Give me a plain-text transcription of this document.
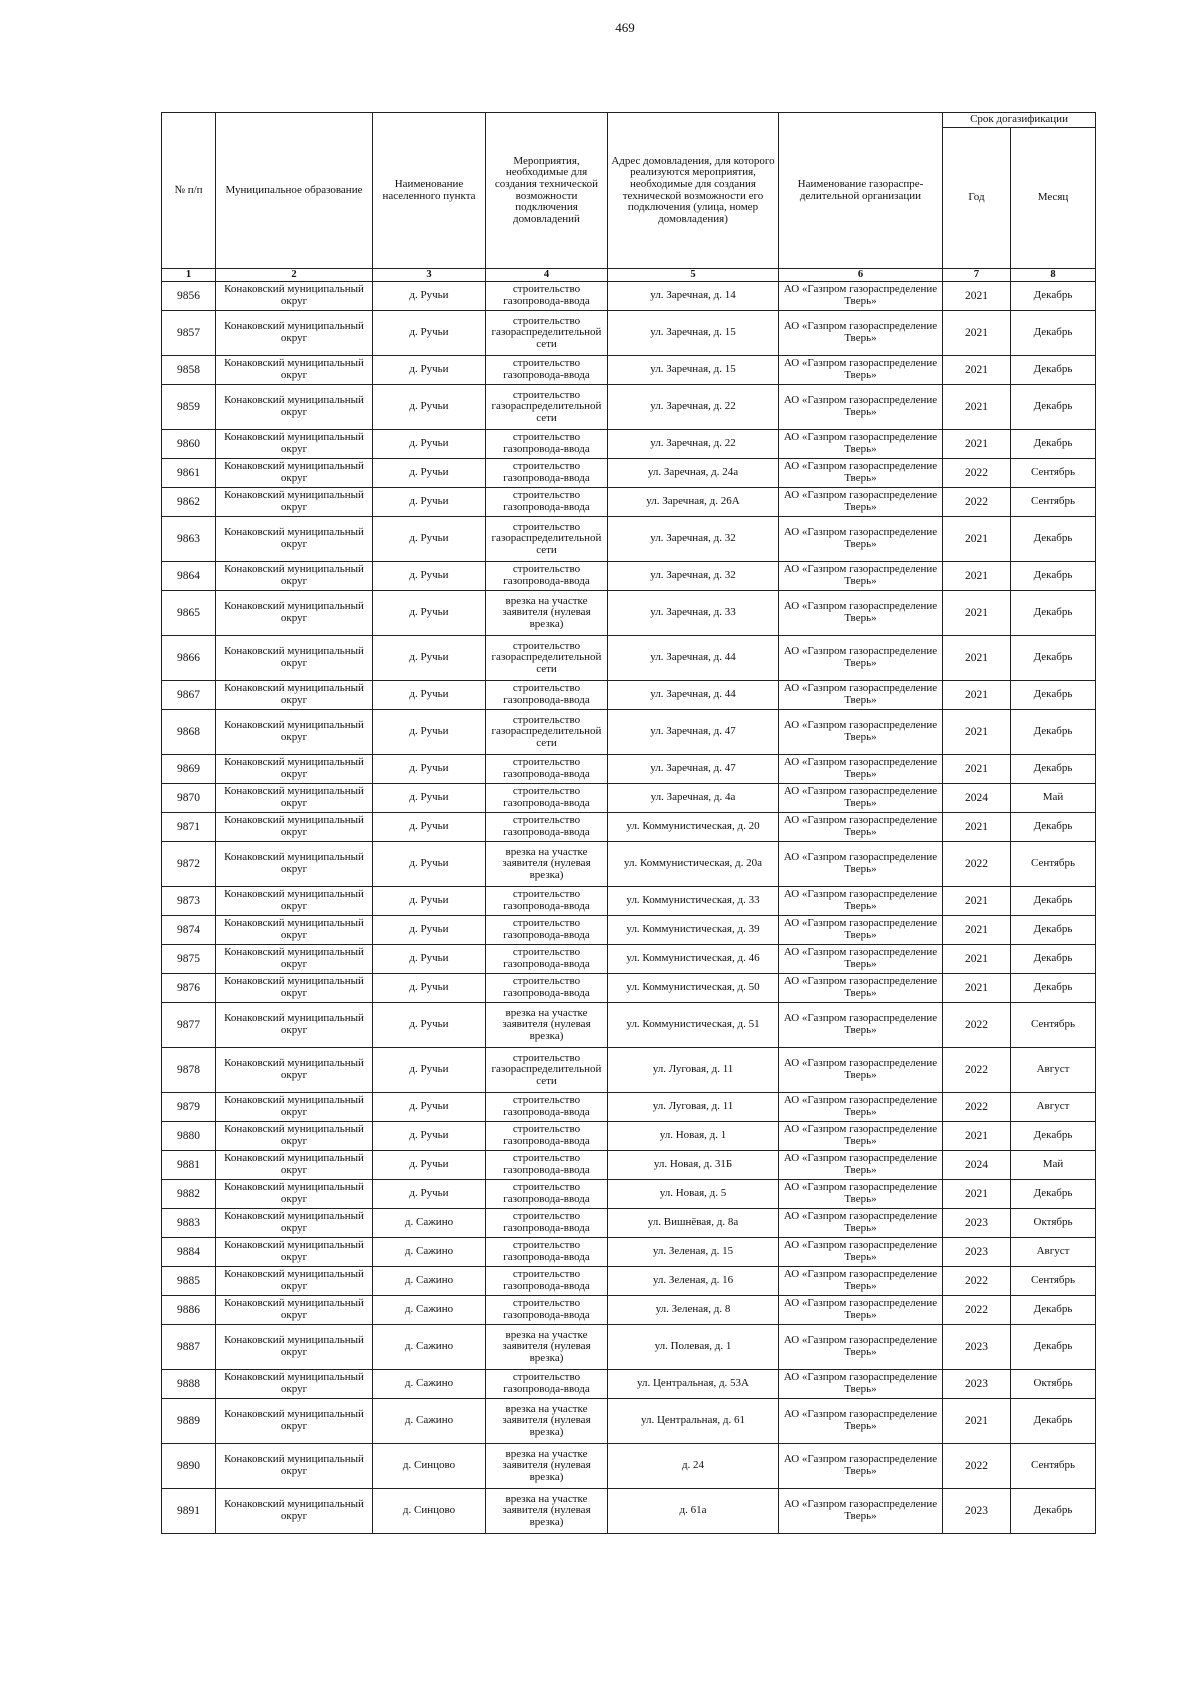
469
№ п/п	Муниципальное образование	Наименование населенного пункта	Мероприятия, необходимые для создания технической возможности подключения домовладений	Адрес домовладения, для которого реализуются мероприятия, необходимые для создания технической возможности его подключения (улица, номер домовладения)	Наименование газораспре-делительной организации	Срок догазификации	
						Год	Месяц
1	2	3	4	5	6	7	8
9856	Конаковский муниципальный округ	д. Ручьи	строительство газопровода-ввода	ул. Заречная, д. 14	АО «Газпром газораспределение Тверь»	2021	Декабрь
9857	Конаковский муниципальный округ	д. Ручьи	строительство газораспределительной сети	ул. Заречная, д. 15	АО «Газпром газораспределение Тверь»	2021	Декабрь
9858	Конаковский муниципальный округ	д. Ручьи	строительство газопровода-ввода	ул. Заречная, д. 15	АО «Газпром газораспределение Тверь»	2021	Декабрь
9859	Конаковский муниципальный округ	д. Ручьи	строительство газораспределительной сети	ул. Заречная, д. 22	АО «Газпром газораспределение Тверь»	2021	Декабрь
9860	Конаковский муниципальный округ	д. Ручьи	строительство газопровода-ввода	ул. Заречная, д. 22	АО «Газпром газораспределение Тверь»	2021	Декабрь
9861	Конаковский муниципальный округ	д. Ручьи	строительство газопровода-ввода	ул. Заречная, д. 24а	АО «Газпром газораспределение Тверь»	2022	Сентябрь
9862	Конаковский муниципальный округ	д. Ручьи	строительство газопровода-ввода	ул. Заречная, д. 26А	АО «Газпром газораспределение Тверь»	2022	Сентябрь
9863	Конаковский муниципальный округ	д. Ручьи	строительство газораспределительной сети	ул. Заречная, д. 32	АО «Газпром газораспределение Тверь»	2021	Декабрь
9864	Конаковский муниципальный округ	д. Ручьи	строительство газопровода-ввода	ул. Заречная, д. 32	АО «Газпром газораспределение Тверь»	2021	Декабрь
9865	Конаковский муниципальный округ	д. Ручьи	врезка на участке заявителя (нулевая врезка)	ул. Заречная, д. 33	АО «Газпром газораспределение Тверь»	2021	Декабрь
9866	Конаковский муниципальный округ	д. Ручьи	строительство газораспределительной сети	ул. Заречная, д. 44	АО «Газпром газораспределение Тверь»	2021	Декабрь
9867	Конаковский муниципальный округ	д. Ручьи	строительство газопровода-ввода	ул. Заречная, д. 44	АО «Газпром газораспределение Тверь»	2021	Декабрь
9868	Конаковский муниципальный округ	д. Ручьи	строительство газораспределительной сети	ул. Заречная, д. 47	АО «Газпром газораспределение Тверь»	2021	Декабрь
9869	Конаковский муниципальный округ	д. Ручьи	строительство газопровода-ввода	ул. Заречная, д. 47	АО «Газпром газораспределение Тверь»	2021	Декабрь
9870	Конаковский муниципальный округ	д. Ручьи	строительство газопровода-ввода	ул. Заречная, д. 4а	АО «Газпром газораспределение Тверь»	2024	Май
9871	Конаковский муниципальный округ	д. Ручьи	строительство газопровода-ввода	ул. Коммунистическая, д. 20	АО «Газпром газораспределение Тверь»	2021	Декабрь
9872	Конаковский муниципальный округ	д. Ручьи	врезка на участке заявителя (нулевая врезка)	ул. Коммунистическая, д. 20а	АО «Газпром газораспределение Тверь»	2022	Сентябрь
9873	Конаковский муниципальный округ	д. Ручьи	строительство газопровода-ввода	ул. Коммунистическая, д. 33	АО «Газпром газораспределение Тверь»	2021	Декабрь
9874	Конаковский муниципальный округ	д. Ручьи	строительство газопровода-ввода	ул. Коммунистическая, д. 39	АО «Газпром газораспределение Тверь»	2021	Декабрь
9875	Конаковский муниципальный округ	д. Ручьи	строительство газопровода-ввода	ул. Коммунистическая, д. 46	АО «Газпром газораспределение Тверь»	2021	Декабрь
9876	Конаковский муниципальный округ	д. Ручьи	строительство газопровода-ввода	ул. Коммунистическая, д. 50	АО «Газпром газораспределение Тверь»	2021	Декабрь
9877	Конаковский муниципальный округ	д. Ручьи	врезка на участке заявителя (нулевая врезка)	ул. Коммунистическая, д. 51	АО «Газпром газораспределение Тверь»	2022	Сентябрь
9878	Конаковский муниципальный округ	д. Ручьи	строительство газораспределительной сети	ул. Луговая, д. 11	АО «Газпром газораспределение Тверь»	2022	Август
9879	Конаковский муниципальный округ	д. Ручьи	строительство газопровода-ввода	ул. Луговая, д. 11	АО «Газпром газораспределение Тверь»	2022	Август
9880	Конаковский муниципальный округ	д. Ручьи	строительство газопровода-ввода	ул. Новая, д. 1	АО «Газпром газораспределение Тверь»	2021	Декабрь
9881	Конаковский муниципальный округ	д. Ручьи	строительство газопровода-ввода	ул. Новая, д. 31Б	АО «Газпром газораспределение Тверь»	2024	Май
9882	Конаковский муниципальный округ	д. Ручьи	строительство газопровода-ввода	ул. Новая, д. 5	АО «Газпром газораспределение Тверь»	2021	Декабрь
9883	Конаковский муниципальный округ	д. Сажино	строительство газопровода-ввода	ул. Вишнёвая, д. 8а	АО «Газпром газораспределение Тверь»	2023	Октябрь
9884	Конаковский муниципальный округ	д. Сажино	строительство газопровода-ввода	ул. Зеленая, д. 15	АО «Газпром газораспределение Тверь»	2023	Август
9885	Конаковский муниципальный округ	д. Сажино	строительство газопровода-ввода	ул. Зеленая, д. 16	АО «Газпром газораспределение Тверь»	2022	Сентябрь
9886	Конаковский муниципальный округ	д. Сажино	строительство газопровода-ввода	ул. Зеленая, д. 8	АО «Газпром газораспределение Тверь»	2022	Декабрь
9887	Конаковский муниципальный округ	д. Сажино	врезка на участке заявителя (нулевая врезка)	ул. Полевая, д. 1	АО «Газпром газораспределение Тверь»	2023	Декабрь
9888	Конаковский муниципальный округ	д. Сажино	строительство газопровода-ввода	ул. Центральная, д. 53А	АО «Газпром газораспределение Тверь»	2023	Октябрь
9889	Конаковский муниципальный округ	д. Сажино	врезка на участке заявителя (нулевая врезка)	ул. Центральная, д. 61	АО «Газпром газораспределение Тверь»	2021	Декабрь
9890	Конаковский муниципальный округ	д. Синцово	врезка на участке заявителя (нулевая врезка)	д. 24	АО «Газпром газораспределение Тверь»	2022	Сентябрь
9891	Конаковский муниципальный округ	д. Синцово	врезка на участке заявителя (нулевая врезка)	д. 61а	АО «Газпром газораспределение Тверь»	2023	Декабрь
